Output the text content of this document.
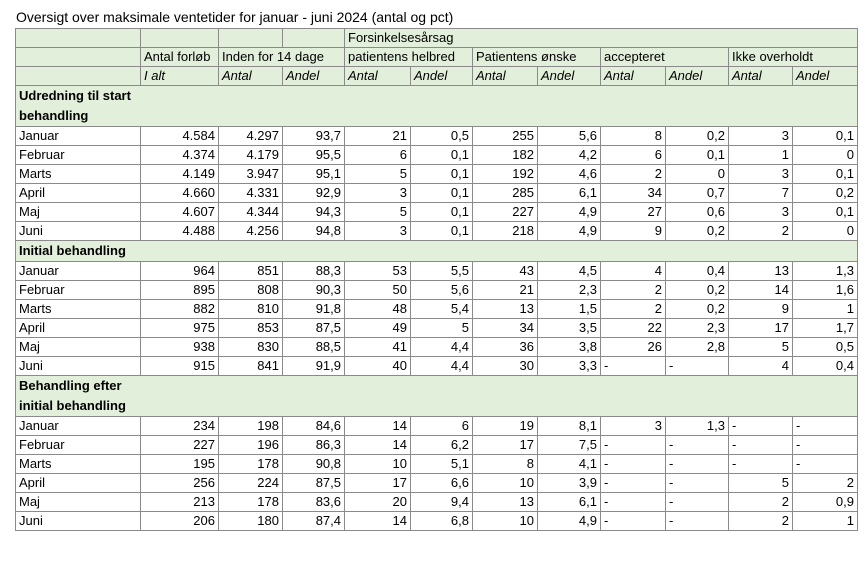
Oversigt over maksimale ventetider for januar - juni 2024 (antal og pct)
				Forsinkelsesårsag							
	Antal forløb	Inden for 14 dage		patientens helbred		Patientens ønske		accepteret		Ikke overholdt	
	I alt	Antal	Andel	Antal	Andel	Antal	Andel	Antal	Andel	Antal	Andel

Udredning til start behandling											

Januar	4.584	4.297	93,7	21	0,5	255	5,6	8	0,2	3	0,1
Februar	4.374	4.179	95,5	6	0,1	182	4,2	6	0,1	1	0
Marts	4.149	3.947	95,1	5	0,1	192	4,6	2	0	3	0,1
April	4.660	4.331	92,9	3	0,1	285	6,1	34	0,7	7	0,2
Maj	4.607	4.344	94,3	5	0,1	227	4,9	27	0,6	3	0,1
Juni	4.488	4.256	94,8	3	0,1	218	4,9	9	0,2	2	0

Initial behandling											

Januar	964	851	88,3	53	5,5	43	4,5	4	0,4	13	1,3
Februar	895	808	90,3	50	5,6	21	2,3	2	0,2	14	1,6
Marts	882	810	91,8	48	5,4	13	1,5	2	0,2	9	1
April	975	853	87,5	49	5	34	3,5	22	2,3	17	1,7
Maj	938	830	88,5	41	4,4	36	3,8	26	2,8	5	0,5
Juni	915	841	91,9	40	4,4	30	3,3	-	-	4	0,4

Behandling efter initial behandling											

Januar	234	198	84,6	14	6	19	8,1	3	1,3	-	-
Februar	227	196	86,3	14	6,2	17	7,5	-	-	-	-
Marts	195	178	90,8	10	5,1	8	4,1	-	-	-	-
April	256	224	87,5	17	6,6	10	3,9	-	-	5	2
Maj	213	178	83,6	20	9,4	13	6,1	-	-	2	0,9
Juni	206	180	87,4	14	6,8	10	4,9	-	-	2	1
